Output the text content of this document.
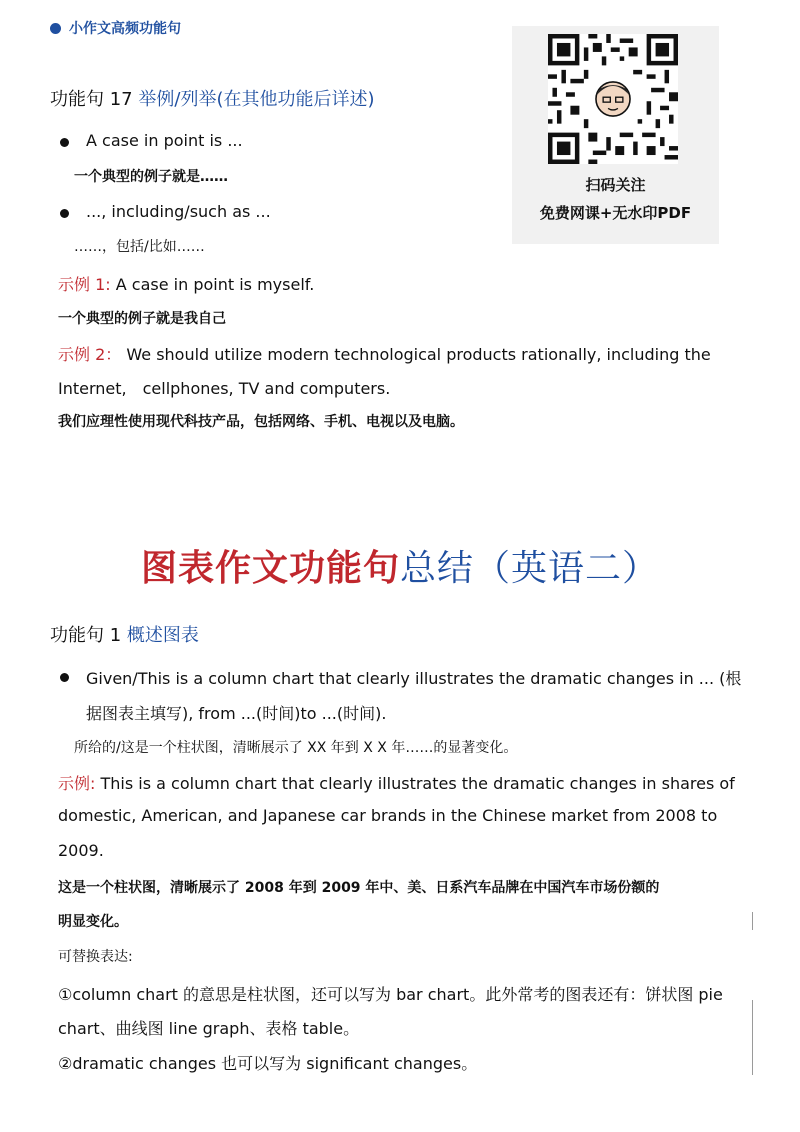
小作文高频功能句
扫码关注
免费网课+无水印PDF
功能句 17 举例/列举(在其他功能后详述)
A case in point is ...
一个典型的例子就是……
..., including/such as ...
……，包括/比如……
示例 1: A case in point is myself.
一个典型的例子就是我自己
示例 2： We should utilize modern technological products rationally, including the
Internet,　cellphones, TV and computers.
我们应理性使用现代科技产品，包括网络、手机、电视以及电脑。
图表作文功能句总结（英语二）
功能句 1 概述图表
Given/This is a column chart that clearly illustrates the dramatic changes in ... (根
据图表主填写), from ...(时间)to ...(时间).
所给的/这是一个柱状图，清晰展示了 XX 年到 X X 年……的显著变化。
示例: This is a column chart that clearly illustrates the dramatic changes in shares of
domestic, American, and Japanese car brands in the Chinese market from 2008 to
2009.
这是一个柱状图，清晰展示了 2008 年到 2009 年中、美、日系汽车品牌在中国汽车市场份额的
明显变化。
可替换表达:
①column chart 的意思是柱状图，还可以写为 bar chart。此外常考的图表还有：饼状图 pie
chart、曲线图 line graph、表格 table。
②dramatic changes 也可以写为 significant changes。
